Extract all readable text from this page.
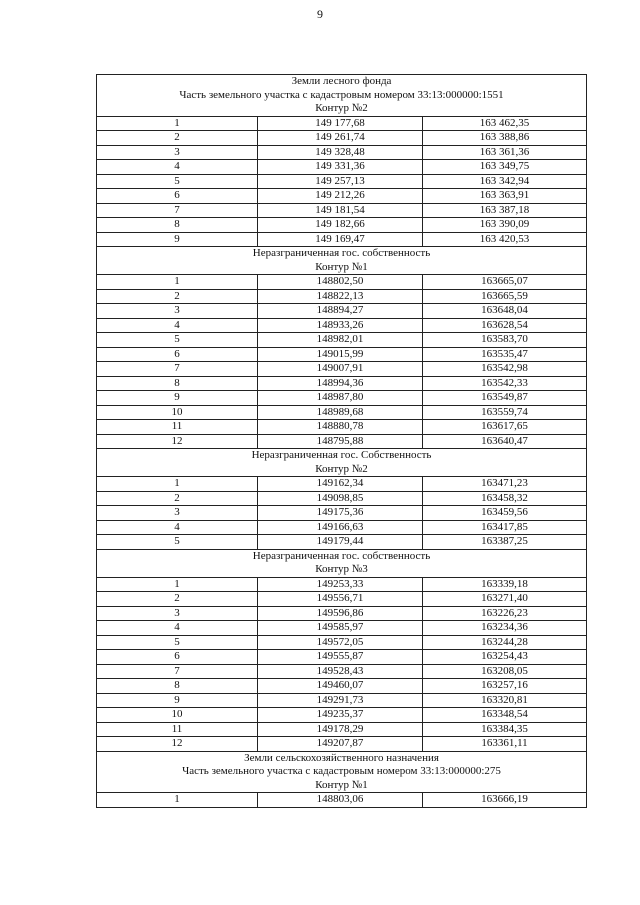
9
Земли лесного фонда		
Часть земельного участка с кадастровым номером 33:13:000000:1551		
Контур №2		
1	149 177,68	163 462,35
2	149 261,74	163 388,86
3	149 328,48	163 361,36
4	149 331,36	163 349,75
5	149 257,13	163 342,94
6	149 212,26	163 363,91
7	149 181,54	163 387,18
8	149 182,66	163 390,09
9	149 169,47	163 420,53
Неразграниченная гос. собственность		
Контур №1		
1	148802,50	163665,07
2	148822,13	163665,59
3	148894,27	163648,04
4	148933,26	163628,54
5	148982,01	163583,70
6	149015,99	163535,47
7	149007,91	163542,98
8	148994,36	163542,33
9	148987,80	163549,87
10	148989,68	163559,74
11	148880,78	163617,65
12	148795,88	163640,47
Неразграниченная гос. Собственность		
Контур №2		
1	149162,34	163471,23
2	149098,85	163458,32
3	149175,36	163459,56
4	149166,63	163417,85
5	149179,44	163387,25
Неразграниченная гос. собственность		
Контур №3		
1	149253,33	163339,18
2	149556,71	163271,40
3	149596,86	163226,23
4	149585,97	163234,36
5	149572,05	163244,28
6	149555,87	163254,43
7	149528,43	163208,05
8	149460,07	163257,16
9	149291,73	163320,81
10	149235,37	163348,54
11	149178,29	163384,35
12	149207,87	163361,11
Земли сельскохозяйственного назначения		
Часть земельного участка с кадастровым номером 33:13:000000:275		
Контур №1		
1	148803,06	163666,19
